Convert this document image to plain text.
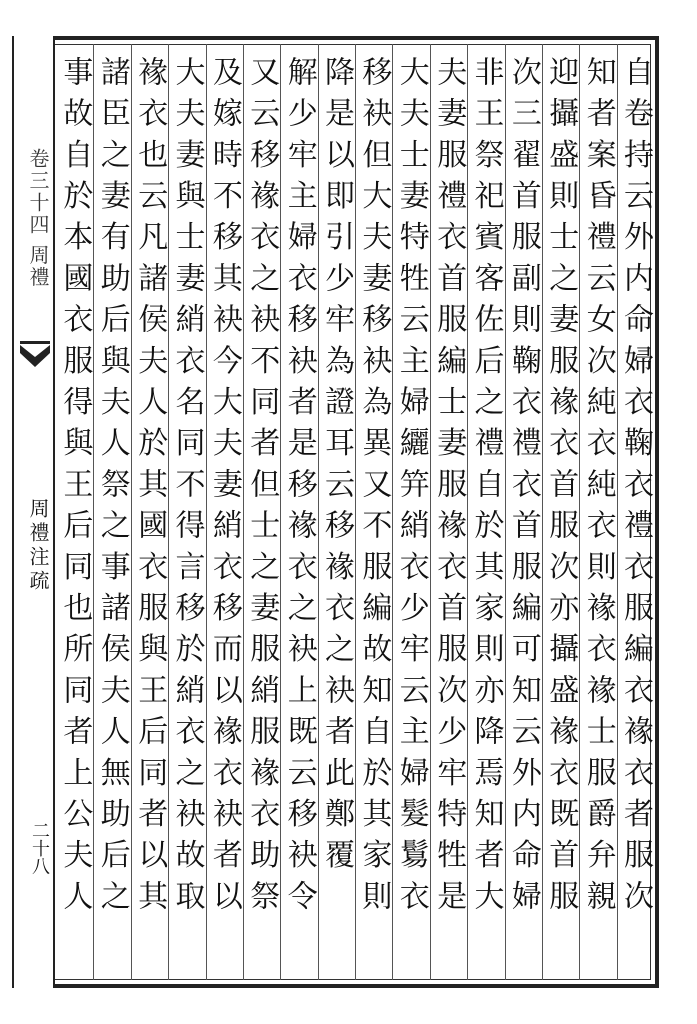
卷三十四 周禮
周禮注疏
二十八	自卷持云外内命婦衣鞠衣禮衣服編衣褖衣者服次
知者案昏禮云女次純衣純衣則褖衣褖士服爵弁親
迎攝盛則士之妻服褖衣首服次亦攝盛褖衣既首服
次三翟首服副則鞠衣禮衣首服編可知云外内命婦
非王祭祀賓客佐后之禮自於其家則亦降焉知者大
夫妻服禮衣首服編士妻服褖衣首服次少牢特牲是
大夫士妻特牲云主婦纚笄綃衣少牢云主婦髮鬄衣
移袂但大夫妻移袂為異又不服編故知自於其家則
降是以即引少牢為證耳云移褖衣之袂者此鄭覆
解少牢主婦衣移袂者是移褖衣之袂上既云移袂令
又云移褖衣之袂不同者但士之妻服綃服褖衣助祭
及嫁時不移其袂今大夫妻綃衣移而以褖衣袂者以
大夫妻與士妻綃衣名同不得言移於綃衣之袂故取
褖衣也云凡諸侯夫人於其國衣服與王后同者以其
諸臣之妻有助后與夫人祭之事諸侯夫人無助后之
事故自於本國衣服得與王后同也所同者上公夫人
